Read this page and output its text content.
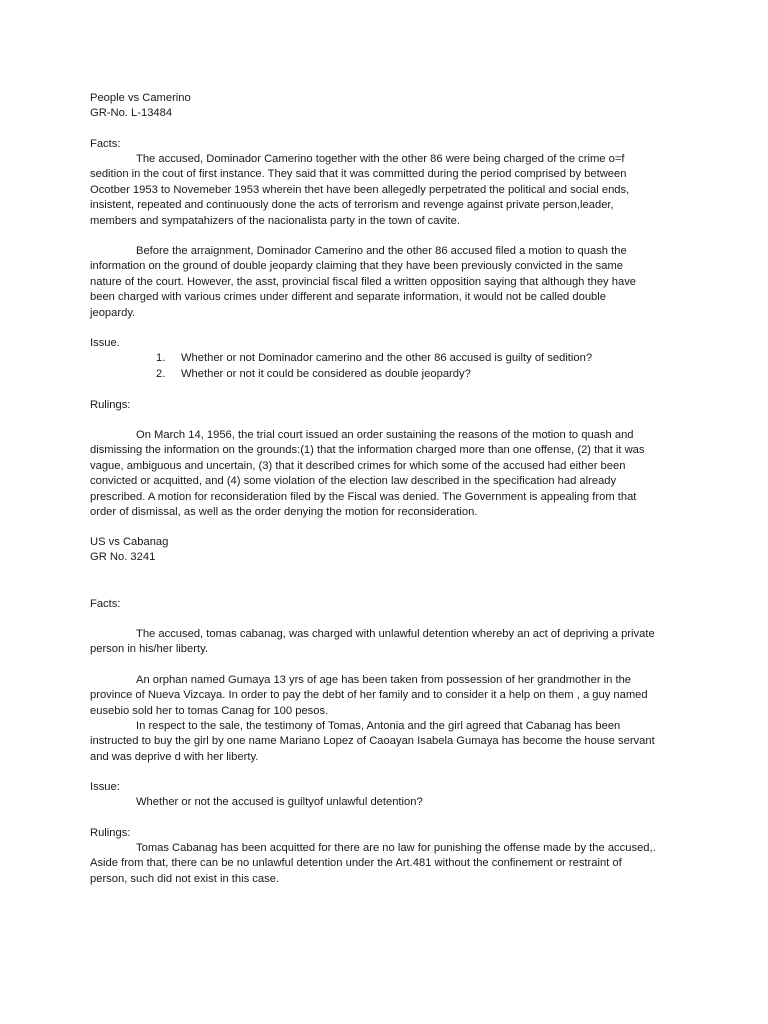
People vs Camerino
GR-No. L-13484
Facts:
The accused, Dominador Camerino together with the other 86 were being charged of the crime o=f
sedition in the cout of first instance. They said that it was committed during the period comprised by between
Ocotber 1953 to Novemeber 1953 wherein thet have been allegedly perpetrated the political and social ends,
insistent, repeated and continuously done the acts of terrorism and revenge against private person,leader,
members and sympatahizers of the nacionalista party in the town of cavite.
Before the arraignment, Dominador Camerino and the other 86 accused filed a motion to quash the
information on the ground of double jeopardy claiming that they have been previously convicted in the same
nature of the court. However, the asst, provincial fiscal filed a written opposition saying that although they have
been charged with various crimes under different and separate information, it would not be called double
jeopardy.
Issue.
1.	Whether or not Dominador camerino and the other 86 accused is guilty of sedition?
2.	Whether or not it could be considered as double jeopardy?
Rulings:
On March 14, 1956, the trial court issued an order sustaining the reasons of the motion to quash and
dismissing the information on the grounds:(1) that the information charged more than one offense, (2) that it was
vague, ambiguous and uncertain, (3) that it described crimes for which some of the accused had either been
convicted or acquitted, and (4) some violation of the election law described in the specification had already
prescribed. A motion for reconsideration filed by the Fiscal was denied. The Government is appealing from that
order of dismissal, as well as the order denying the motion for reconsideration.
US vs Cabanag
GR No. 3241
Facts:
The accused, tomas cabanag, was charged with unlawful detention whereby an act of depriving a private
person in his/her liberty.
An orphan named Gumaya 13 yrs of age has been taken from possession of her grandmother in the
province of Nueva Vizcaya. In order to pay the debt of her family and to consider it a help on them , a guy named
eusebio sold her to tomas Canag for 100 pesos.
In respect to the sale, the testimony of Tomas, Antonia and the girl agreed that Cabanag has been
instructed to buy the girl by one name Mariano Lopez of Caoayan Isabela Gumaya has become the house servant
and was deprive d with her liberty.
Issue:
Whether or not the accused is guiltyof unlawful detention?
Rulings:
Tomas Cabanag has been acquitted for there are no law for punishing the offense made by the accused,.
Aside from that, there can be no unlawful detention under the Art.481 without the confinement or restraint of
person, such did not exist in this case.
